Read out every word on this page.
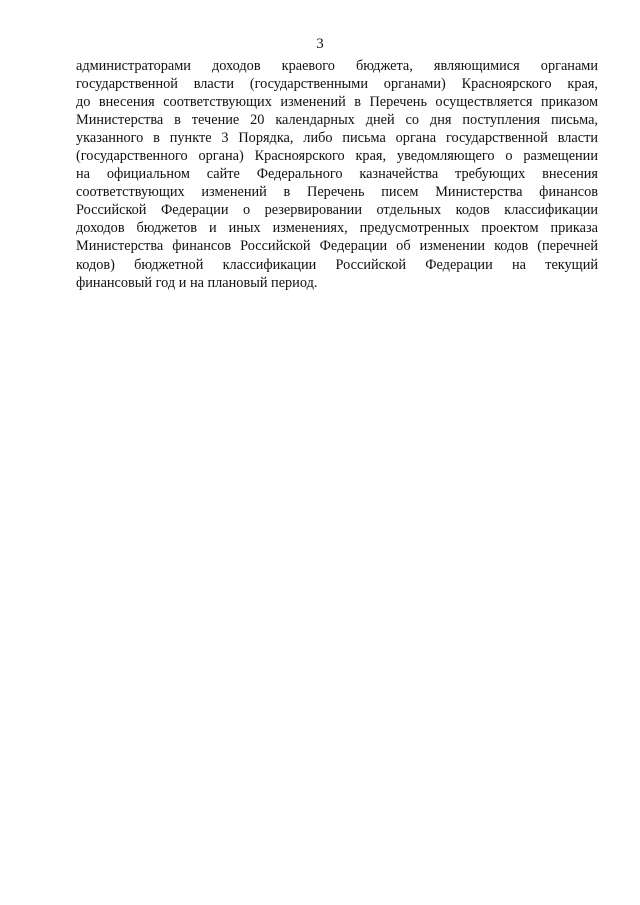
3

администраторами доходов краевого бюджета, являющимися органами
государственной власти (государственными органами) Красноярского края,
до внесения соответствующих изменений в Перечень осуществляется приказом
Министерства в течение 20 календарных дней со дня поступления письма,
указанного в пункте 3 Порядка, либо письма органа государственной власти
(государственного органа) Красноярского края, уведомляющего о размещении
на официальном сайте Федерального казначейства требующих внесения
соответствующих изменений в Перечень писем Министерства финансов
Российской Федерации о резервировании отдельных кодов классификации
доходов бюджетов и иных изменениях, предусмотренных проектом приказа
Министерства финансов Российской Федерации об изменении кодов (перечней
кодов) бюджетной классификации Российской Федерации на текущий
финансовый год и на плановый период.
